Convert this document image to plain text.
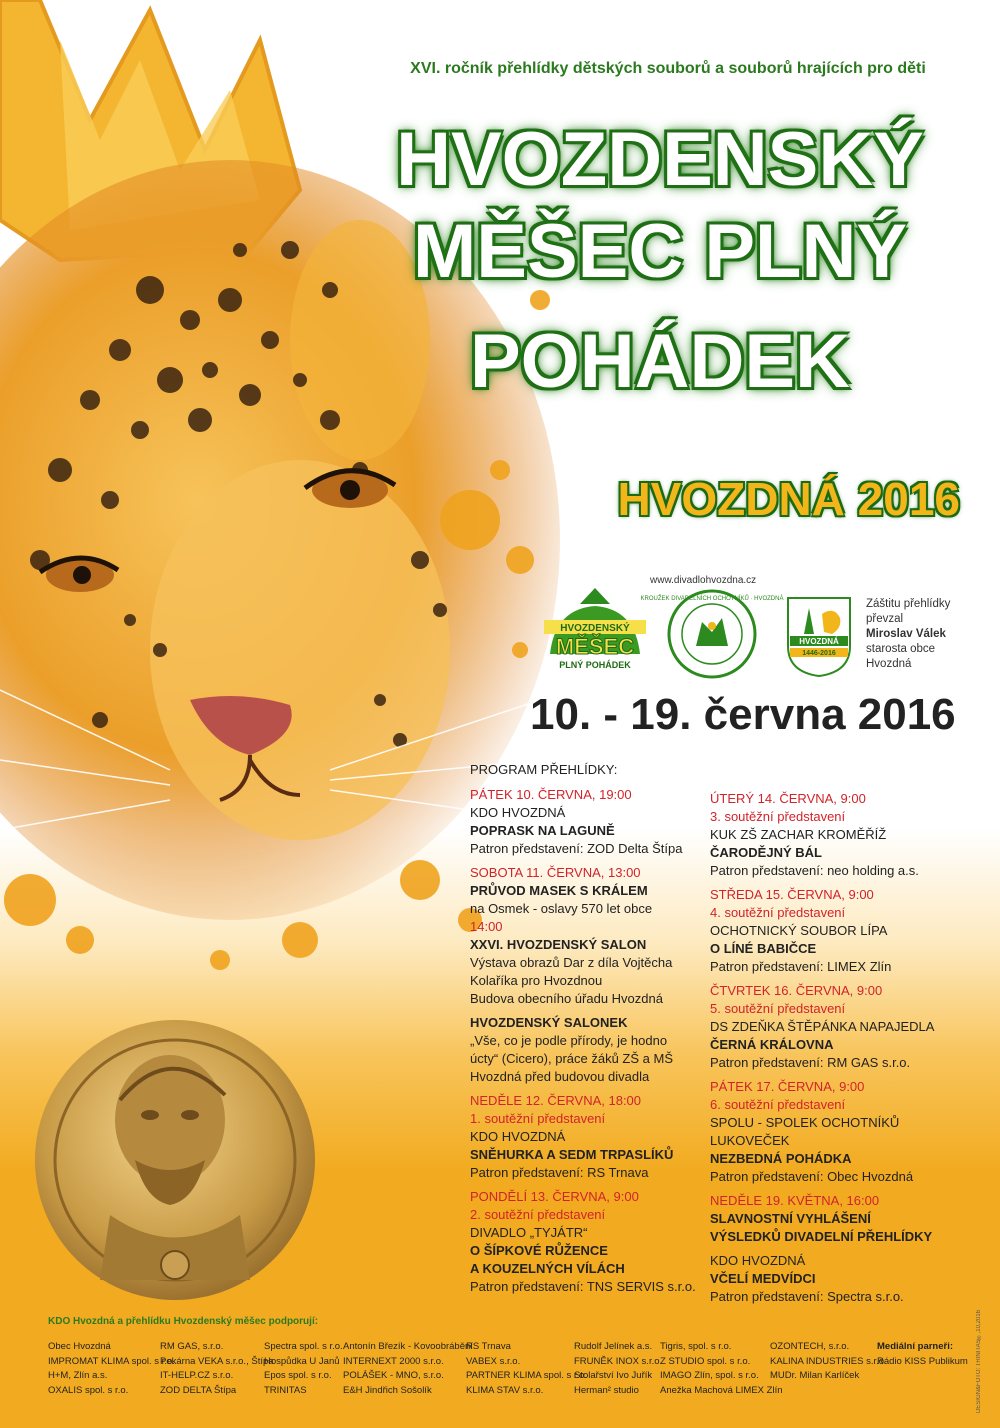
XVI. ročník přehlídky dětských souborů a souborů hrajících pro děti
HVOZDENSKÝ
MĚŠEC PLNÝ
POHÁDEK
HVOZDNÁ 2016
www.divadlohvozdna.cz
HVOZDENSKÝ
MĚŠEC
PLNÝ POHÁDEK
KROUŽEK DIVADELNÍCH OCHOTNÍKŮ · HVOZDNÁ
HVOZDNÁ
1446-2016
Záštitu přehlídky
převzal
Miroslav Válek
starosta obce
Hvozdná
10. - 19. června 2016
PROGRAM PŘEHLÍDKY:
PÁTEK 10. ČERVNA, 19:00
KDO HVOZDNÁ
POPRASK NA LAGUNĚ
Patron představení: ZOD Delta Štípa
SOBOTA 11. ČERVNA, 13:00
PRŮVOD MASEK S KRÁLEM
na Osmek - oslavy 570 let obce
14:00
XXVI. HVOZDENSKÝ SALON
Výstava obrazů Dar z díla Vojtěcha
Kolaříka pro Hvozdnou
Budova obecního úřadu Hvozdná
HVOZDENSKÝ SALONEK
„Vše, co je podle přírody, je hodno
úcty“ (Cicero), práce žáků ZŠ a MŠ
Hvozdná před budovou divadla
NEDĚLE 12. ČERVNA, 18:00
1. soutěžní představení
KDO HVOZDNÁ
SNĚHURKA A SEDM TRPASLÍKŮ
Patron představení: RS Trnava
PONDĚLÍ 13. ČERVNA, 9:00
2. soutěžní představení
DIVADLO „TYJÁTR“
O ŠÍPKOVÉ RŮŽENCE
A KOUZELNÝCH VÍLÁCH
Patron představení: TNS SERVIS s.r.o.
ÚTERÝ 14. ČERVNA, 9:00
3. soutěžní představení
KUK ZŠ ZACHAR KROMĚŘÍŽ
ČARODĚJNÝ BÁL
Patron představení: neo holding a.s.
STŘEDA 15. ČERVNA, 9:00
4. soutěžní představení
OCHOTNICKÝ SOUBOR LÍPA
O LÍNÉ BABIČCE
Patron představení: LIMEX Zlín
ČTVRTEK 16. ČERVNA, 9:00
5. soutěžní představení
DS ZDEŇKA ŠTĚPÁNKA NAPAJEDLA
ČERNÁ KRÁLOVNA
Patron představení: RM GAS s.r.o.
PÁTEK 17. ČERVNA, 9:00
6. soutěžní představení
SPOLU - SPOLEK OCHOTNÍKŮ
LUKOVEČEK
NEZBEDNÁ POHÁDKA
Patron představení: Obec Hvozdná
NEDĚLE 19. KVĚTNA, 16:00
SLAVNOSTNÍ VYHLÁŠENÍ
VÝSLEDKŮ DIVADELNÍ PŘEHLÍDKY
KDO HVOZDNÁ
VČELÍ MEDVÍDCI
Patron představení: Spectra s.r.o.
KDO Hvozdná a přehlídku Hvozdenský měšec podporují:
Obec Hvozdná
IMPROMAT KLIMA spol. s r.o.
H+M, Zlín a.s.
OXALIS spol. s r.o.
RM GAS, s.r.o.
Pekárna VEKA s.r.o., Štípa
IT-HELP.CZ s.r.o.
ZOD DELTA Štípa
Spectra spol. s r.o.
Hospůdka U Janů
Epos spol. s r.o.
TRINITAS
Antonín Březík - Kovoobrábění
INTERNEXT 2000 s.r.o.
POLÁŠEK - MNO, s.r.o.
E&H Jindřich Sošolík
RS Trnava
VABEX s.r.o.
PARTNER KLIMA spol. s r.o.
KLIMA STAV s.r.o.
Rudolf Jelínek a.s.
FRUNĚK INOX s.r.o.
Stolařství Ivo Juřík
Herman² studio
Tigris, spol. s r.o.
Z STUDIO spol. s r.o.
IMAGO Zlín, spol. s r.o.
Anežka Machová LIMEX Zlín
OZONTECH, s.r.o.
KALINA INDUSTRIES s.r.o.
MUDr. Milan Karlíček
Mediální parneři:
Rádio KISS Publikum DESIGN&FOTO: TRINITAS®,10,2016
